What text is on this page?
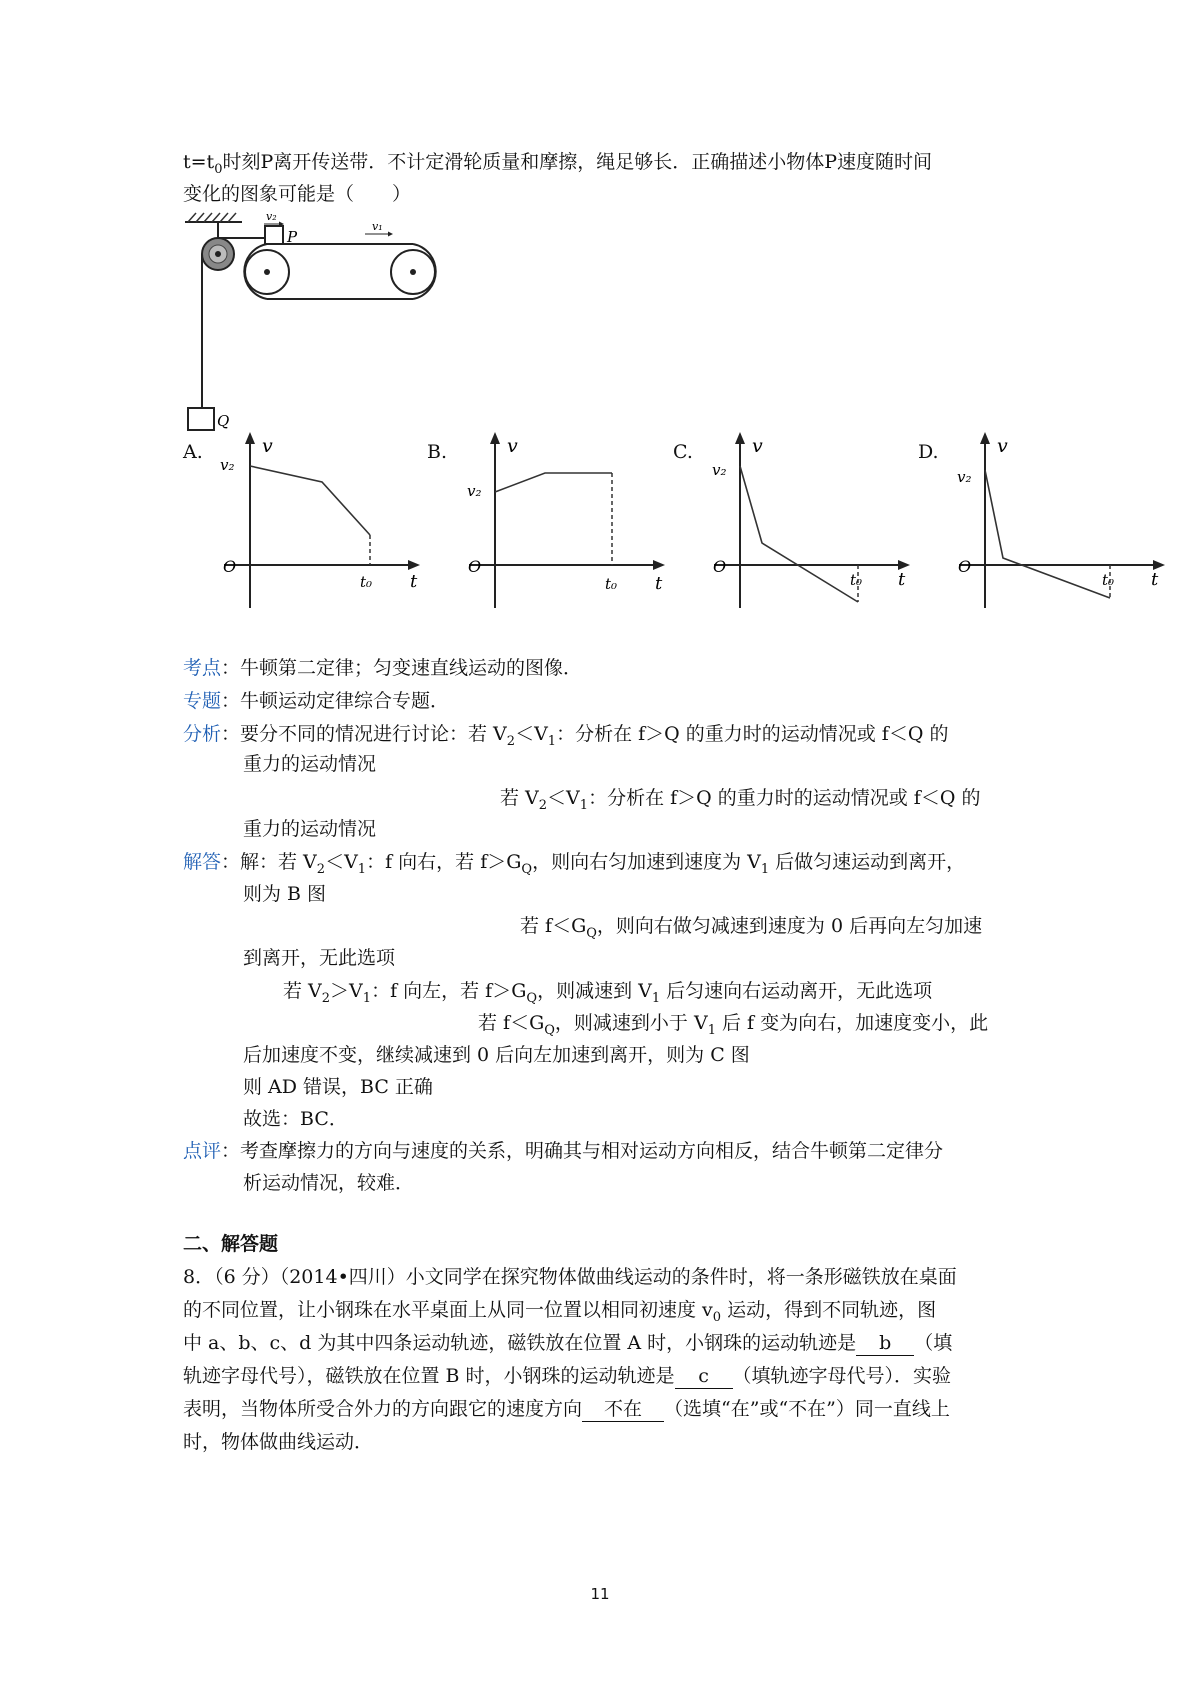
$t=t_0$时刻P离开传送带．不计定滑轮质量和摩擦，绳足够长．正确描述小物体P速度随时间
变化的图象可能是（　　）
P
v₂
v₁
Q
A.	v
v₂
O
t₀ t
B.	v
v₂
O
t₀ t
C.	v
v₂
O
t₀ t
D.	v
v₂
O
t₀ t
考点：牛顿第二定律；匀变速直线运动的图像．
专题：牛顿运动定律综合专题．
分析：要分不同的情况进行讨论：若 $V_2<V_1$：分析在 f＞Q 的重力时的运动情况或 f＜Q 的
重力的运动情况
若 $V_2<V_1$：分析在 f＞Q 的重力时的运动情况或 f＜Q 的
重力的运动情况
解答：解：若 $V_2<V_1$：f 向右，若 $f>G_Q$，则向右匀加速到速度为 $V_1$ 后做匀速运动到离开，
则为 B 图
若 $f<G_Q$，则向右做匀减速到速度为 0 后再向左匀加速
到离开，无此选项
若 $V_2>V_1$：f 向左，若 $f>G_Q$，则减速到 $V_1$ 后匀速向右运动离开，无此选项
若 $f<G_Q$，则减速到小于 $V_1$ 后 f 变为向右，加速度变小，此
后加速度不变，继续减速到 0 后向左加速到离开，则为 C 图
则 AD 错误，BC 正确
故选：BC．
点评：考查摩擦力的方向与速度的关系，明确其与相对运动方向相反，结合牛顿第二定律分
析运动情况，较难．
二、解答题
8．（6 分）（2014•四川）小文同学在探究物体做曲线运动的条件时，将一条形磁铁放在桌面
的不同位置，让小钢珠在水平桌面上从同一位置以相同初速度 $v_0$ 运动，得到不同轨迹，图
中 a、b、c、d 为其中四条运动轨迹，磁铁放在位置 A 时，小钢珠的运动轨迹是 b （填
轨迹字母代号），磁铁放在位置 B 时，小钢珠的运动轨迹是 c （填轨迹字母代号）．实验
表明，当物体所受合外力的方向跟它的速度方向 不在 （选填“在”或“不在”）同一直线上
时，物体做曲线运动．
11
